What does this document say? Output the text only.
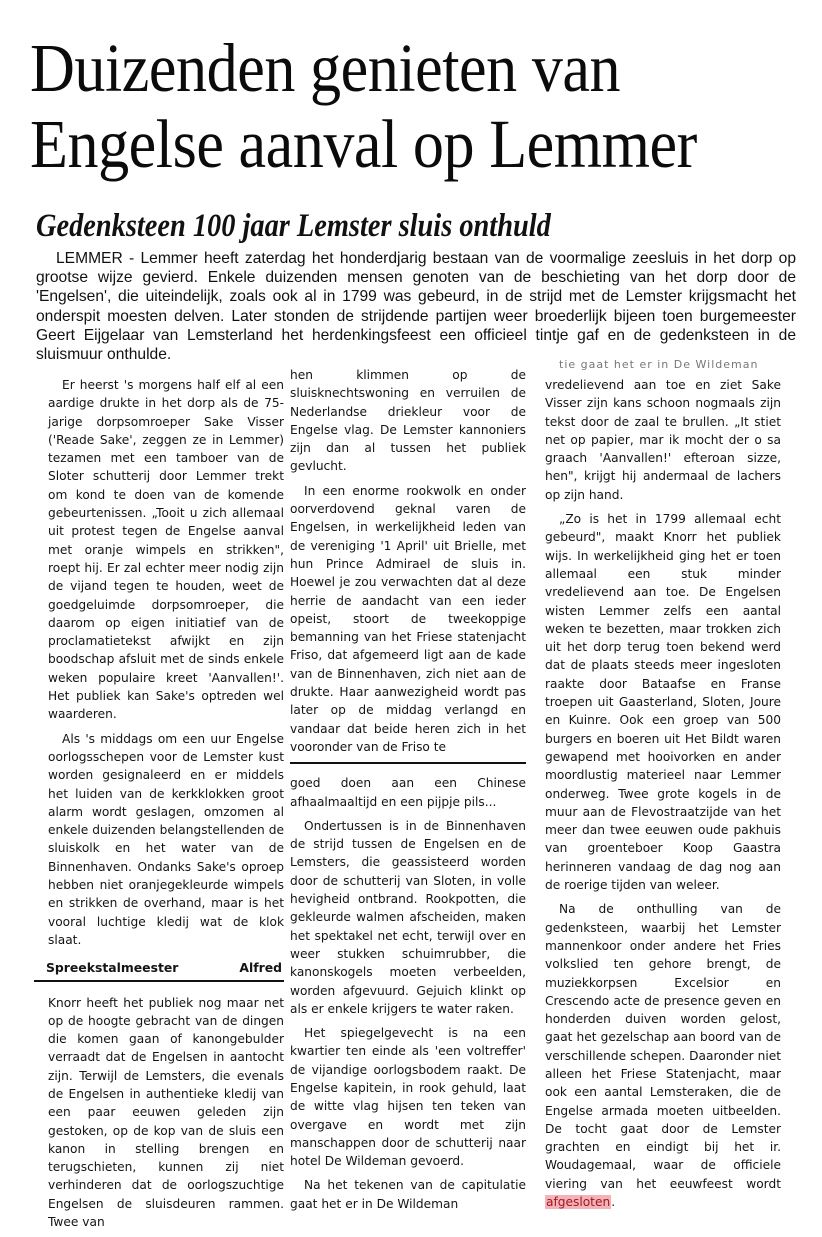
Duizenden genieten van
Engelse aanval op Lemmer
Gedenksteen 100 jaar Lemster sluis onthuld

LEMMER - Lemmer heeft zaterdag het honderdjarig bestaan van de voormalige zeesluis in het dorp op grootse wijze gevierd. Enkele duizenden mensen genoten van de beschieting van het dorp door de 'Engelsen', die uiteindelijk, zoals ook al in 1799 was gebeurd, in de strijd met de Lemster krijgsmacht het onderspit moesten delven. Later stonden de strijdende partijen weer broederlijk bijeen toen burgemeester Geert Eijgelaar van Lemsterland het herdenkingsfeest een officieel tintje gaf en de gedenksteen in de sluismuur onthulde.

Er heerst 's morgens half elf al een aardige drukte in het dorp als de 75-jarige dorpsomroeper Sake Visser ('Reade Sake', zeggen ze in Lemmer) tezamen met een tamboer van de Sloter schutterij door Lemmer trekt om kond te doen van de komende gebeurtenissen. „Tooit u zich allemaal uit protest tegen de Engelse aanval met oranje wimpels en strikken", roept hij. Er zal echter meer nodig zijn de vijand tegen te houden, weet de goedgeluimde dorpsomroeper, die daarom op eigen initiatief van de proclamatietekst afwijkt en zijn boodschap afsluit met de sinds enkele weken populaire kreet 'Aanvallen!'. Het publiek kan Sake's optreden wel waarderen.

Als 's middags om een uur Engelse oorlogsschepen voor de Lemster kust worden gesignaleerd en er middels het luiden van de kerkklokken groot alarm wordt geslagen, omzomen al enkele duizenden belangstellenden de sluiskolk en het water van de Binnenhaven. Ondanks Sake's oproep hebben niet oranjegekleurde wimpels en strikken de overhand, maar is het vooral luchtige kledij wat de klok slaat.

Spreekstalmeester	Alfred

Knorr heeft het publiek nog maar net op de hoogte gebracht van de dingen die komen gaan of kanongebulder verraadt dat de Engelsen in aantocht zijn. Terwijl de Lemsters, die evenals de Engelsen in authentieke kledij van een paar eeuwen geleden zijn gestoken, op de kop van de sluis een kanon in stelling brengen en terugschieten, kunnen zij niet verhinderen dat de oorlogszuchtige Engelsen de sluisdeuren rammen. Twee van

hen klimmen op de sluisknechtswoning en verruilen de Nederlandse driekleur voor de Engelse vlag. De Lemster kannoniers zijn dan al tussen het publiek gevlucht.

In een enorme rookwolk en onder oorverdovend geknal varen de Engelsen, in werkelijkheid leden van de vereniging '1 April' uit Brielle, met hun Prince Admirael de sluis in. Hoewel je zou verwachten dat al deze herrie de aandacht van een ieder opeist, stoort de tweekoppige bemanning van het Friese statenjacht Friso, dat afgemeerd ligt aan de kade van de Binnenhaven, zich niet aan de drukte. Haar aanwezigheid wordt pas later op de middag verlangd en vandaar dat beide heren zich in het vooronder van de Friso te

goed doen aan een Chinese afhaalmaaltijd en een pijpje pils...

Ondertussen is in de Binnenhaven de strijd tussen de Engelsen en de Lemsters, die geassisteerd worden door de schutterij van Sloten, in volle hevigheid ontbrand. Rookpotten, die gekleurde walmen afscheiden, maken het spektakel net echt, terwijl over en weer stukken schuimrubber, die kanonskogels moeten verbeelden, worden afgevuurd. Gejuich klinkt op als er enkele krijgers te water raken.

Het spiegelgevecht is na een kwartier ten einde als 'een voltreffer' de vijandige oorlogsbodem raakt. De Engelse kapitein, in rook gehuld, laat de witte vlag hijsen ten teken van overgave en wordt met zijn manschappen door de schutterij naar hotel De Wildeman gevoerd.

Na het tekenen van de capitulatie gaat het er in De Wildeman

tie gaat het er in De Wildeman

vredelievend aan toe en ziet Sake Visser zijn kans schoon nogmaals zijn tekst door de zaal te brullen. „It stiet net op papier, mar ik mocht der o sa graach 'Aanvallen!' efteroan sizze, hen", krijgt hij andermaal de lachers op zijn hand.

„Zo is het in 1799 allemaal echt gebeurd", maakt Knorr het publiek wijs. In werkelijkheid ging het er toen allemaal een stuk minder vredelievend aan toe. De Engelsen wisten Lemmer zelfs een aantal weken te bezetten, maar trokken zich uit het dorp terug toen bekend werd dat de plaats steeds meer ingesloten raakte door Bataafse en Franse troepen uit Gaasterland, Sloten, Joure en Kuinre. Ook een groep van 500 burgers en boeren uit Het Bildt waren gewapend met hooivorken en ander moordlustig materieel naar Lemmer onderweg. Twee grote kogels in de muur aan de Flevostraatzijde van het meer dan twee eeuwen oude pakhuis van groenteboer Koop Gaastra herinneren vandaag de dag nog aan de roerige tijden van weleer.

Na de onthulling van de gedenksteen, waarbij het Lemster mannenkoor onder andere het Fries volkslied ten gehore brengt, de muziekkorpsen Excelsior en Crescendo acte de presence geven en honderden duiven worden gelost, gaat het gezelschap aan boord van de verschillende schepen. Daaronder niet alleen het Friese Statenjacht, maar ook een aantal Lemsteraken, die de Engelse armada moeten uitbeelden. De tocht gaat door de Lemster grachten en eindigt bij het ir. Woudagemaal, waar de officiele viering van het eeuwfeest wordt afgesloten.
